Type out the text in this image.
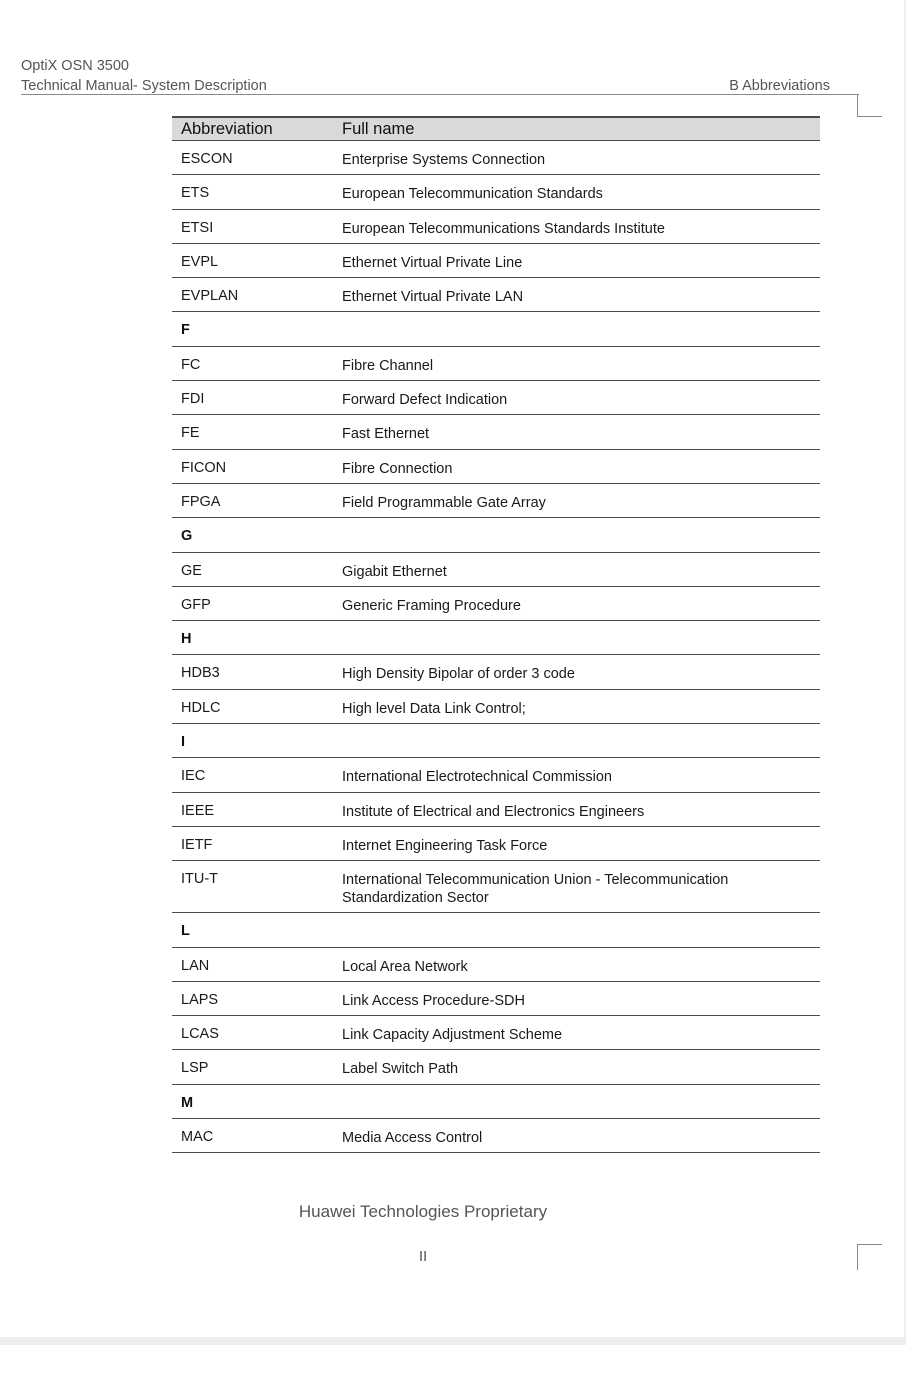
OptiX OSN 3500
Technical Manual- System Description	B Abbreviations
Abbreviation	Full name
ESCON	Enterprise Systems Connection
ETS	European Telecommunication Standards
ETSI	European Telecommunications Standards Institute
EVPL	Ethernet Virtual Private Line
EVPLAN	Ethernet Virtual Private LAN
F
FC	Fibre Channel
FDI	Forward Defect Indication
FE	Fast Ethernet
FICON	Fibre Connection
FPGA	Field Programmable Gate Array
G
GE	Gigabit Ethernet
GFP	Generic Framing Procedure
H
HDB3	High Density Bipolar of order 3 code
HDLC	High level Data Link Control;
I
IEC	International Electrotechnical Commission
IEEE	Institute of Electrical and Electronics Engineers
IETF	Internet Engineering Task Force
ITU-T	International Telecommunication Union - Telecommunication Standardization Sector
L
LAN	Local Area Network
LAPS	Link Access Procedure-SDH
LCAS	Link Capacity Adjustment Scheme
LSP	Label Switch Path
M
MAC	Media Access Control
Huawei Technologies Proprietary
II
